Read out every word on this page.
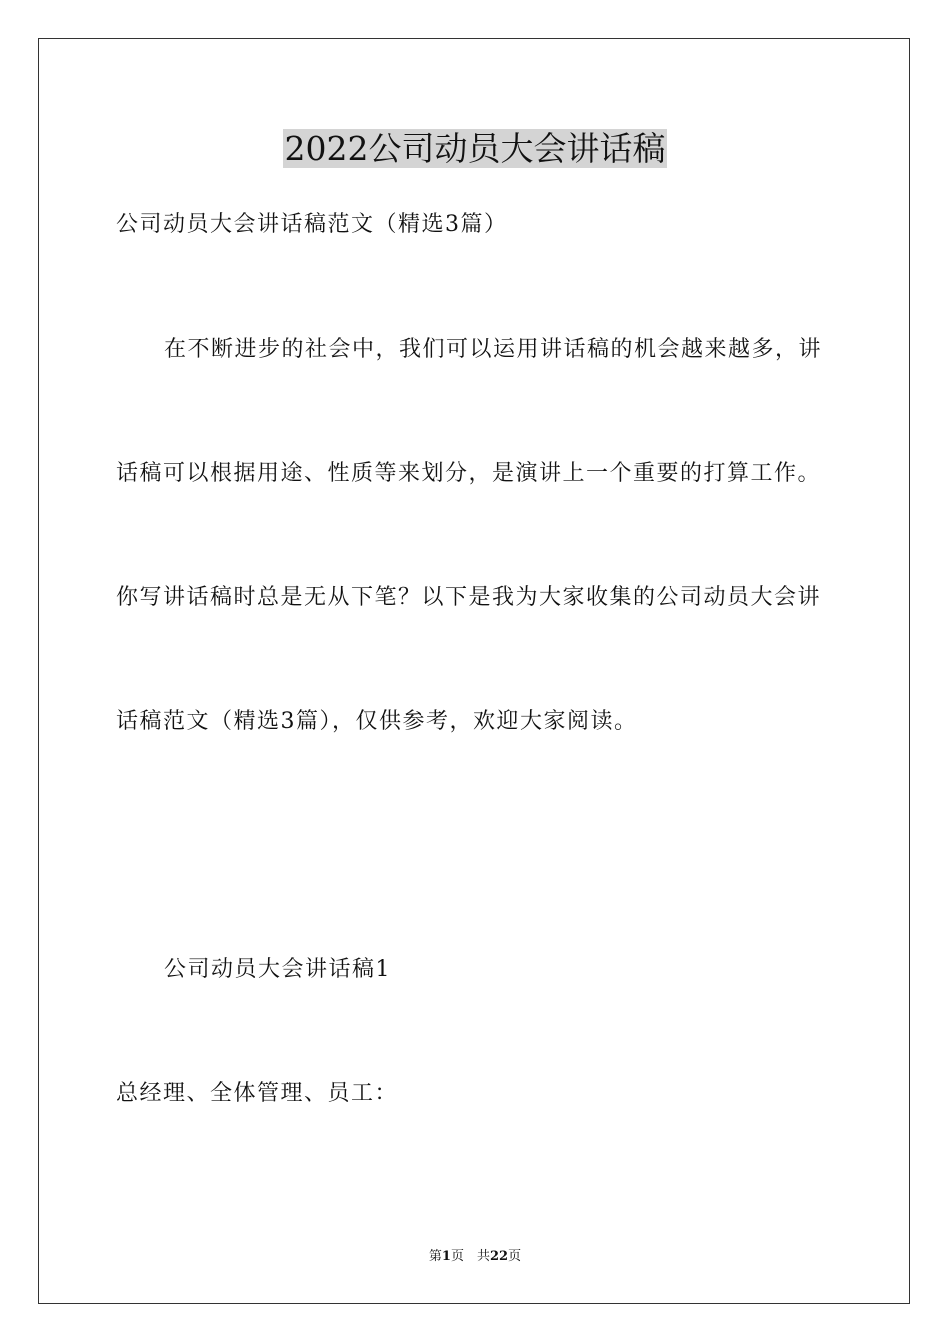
2022公司动员大会讲话稿

公司动员大会讲话稿范文（精选3篇）

在不断进步的社会中，我们可以运用讲话稿的机会越来越多，讲

话稿可以根据用途、性质等来划分，是演讲上一个重要的打算工作。

你写讲话稿时总是无从下笔？以下是我为大家收集的公司动员大会讲

话稿范文（精选3篇），仅供参考，欢迎大家阅读。

公司动员大会讲话稿1

总经理、全体管理、员工：

第1页　共22页
